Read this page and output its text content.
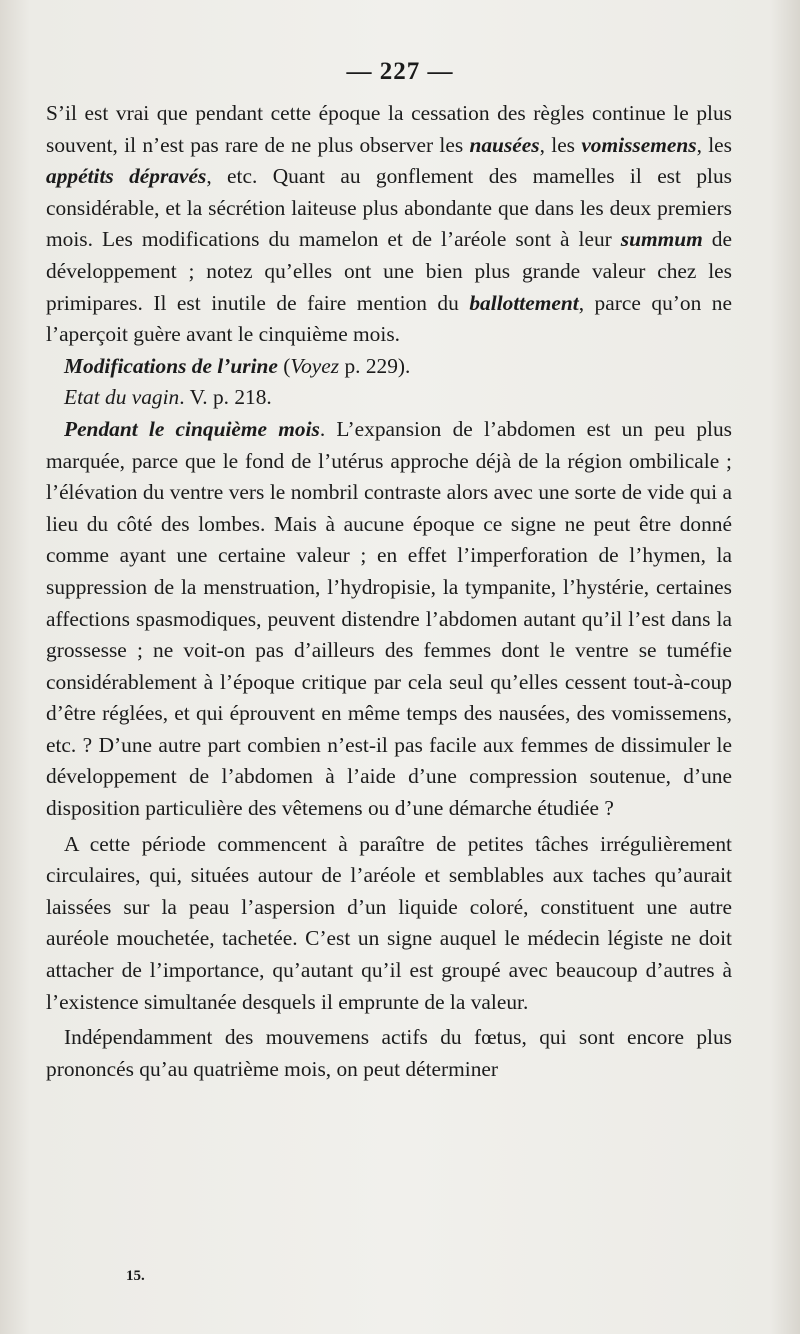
— 227 —

S’il est vrai que pendant cette époque la cessation des règles continue le plus souvent, il n’est pas rare de ne plus observer les nausées, les vomissemens, les appétits dépravés, etc. Quant au gonflement des mamelles il est plus considérable, et la sécrétion laiteuse plus abondante que dans les deux premiers mois. Les modifications du mamelon et de l’aréole sont à leur summum de développement ; notez qu’elles ont une bien plus grande valeur chez les primipares. Il est inutile de faire mention du ballottement, parce qu’on ne l’aperçoit guère avant le cinquième mois.

Modifications de l’urine (Voyez p. 229).

Etat du vagin. V. p. 218.

Pendant le cinquième mois. L’expansion de l’abdomen est un peu plus marquée, parce que le fond de l’utérus approche déjà de la région ombilicale ; l’élévation du ventre vers le nombril contraste alors avec une sorte de vide qui a lieu du côté des lombes. Mais à aucune époque ce signe ne peut être donné comme ayant une certaine valeur ; en effet l’imperforation de l’hymen, la suppression de la menstruation, l’hydropisie, la tympanite, l’hystérie, certaines affections spasmodiques, peuvent distendre l’abdomen autant qu’il l’est dans la grossesse ; ne voit-on pas d’ailleurs des femmes dont le ventre se tuméfie considérablement à l’époque critique par cela seul qu’elles cessent tout-à-coup d’être réglées, et qui éprouvent en même temps des nausées, des vomissemens, etc. ? D’une autre part combien n’est-il pas facile aux femmes de dissimuler le développement de l’abdomen à l’aide d’une compression soutenue, d’une disposition particulière des vêtemens ou d’une démarche étudiée ?

A cette période commencent à paraître de petites tâches irrégulièrement circulaires, qui, situées autour de l’aréole et semblables aux taches qu’aurait laissées sur la peau l’aspersion d’un liquide coloré, constituent une autre auréole mouchetée, tachetée. C’est un signe auquel le médecin légiste ne doit attacher de l’importance, qu’autant qu’il est groupé avec beaucoup d’autres à l’existence simultanée desquels il emprunte de la valeur.

Indépendamment des mouvemens actifs du fœtus, qui sont encore plus prononcés qu’au quatrième mois, on peut déterminer

15.
